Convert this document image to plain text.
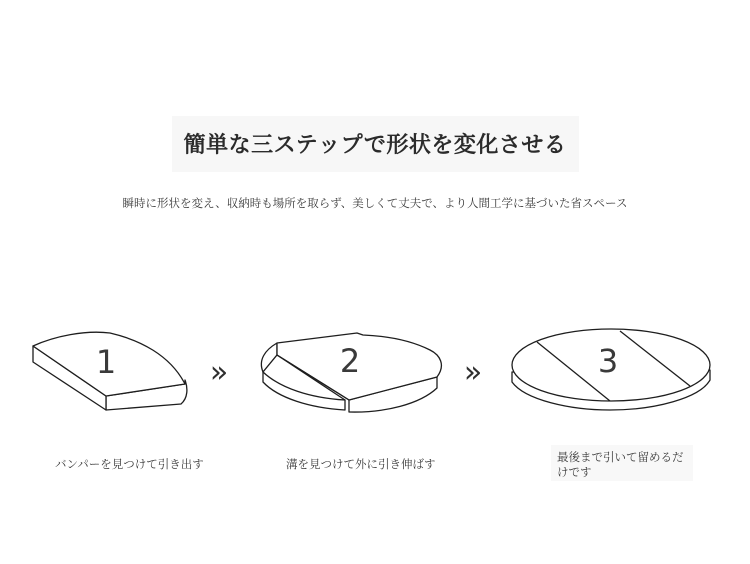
簡単な三ステップで形状を変化させる
瞬時に形状を変え、収納時も場所を取らず、美しくて丈夫で、より人間工学に基づいた省スペース
1	2	3
»	»
バンパーを見つけて引き出す	溝を見つけて外に引き伸ばす	最後まで引いて留めるだけです
